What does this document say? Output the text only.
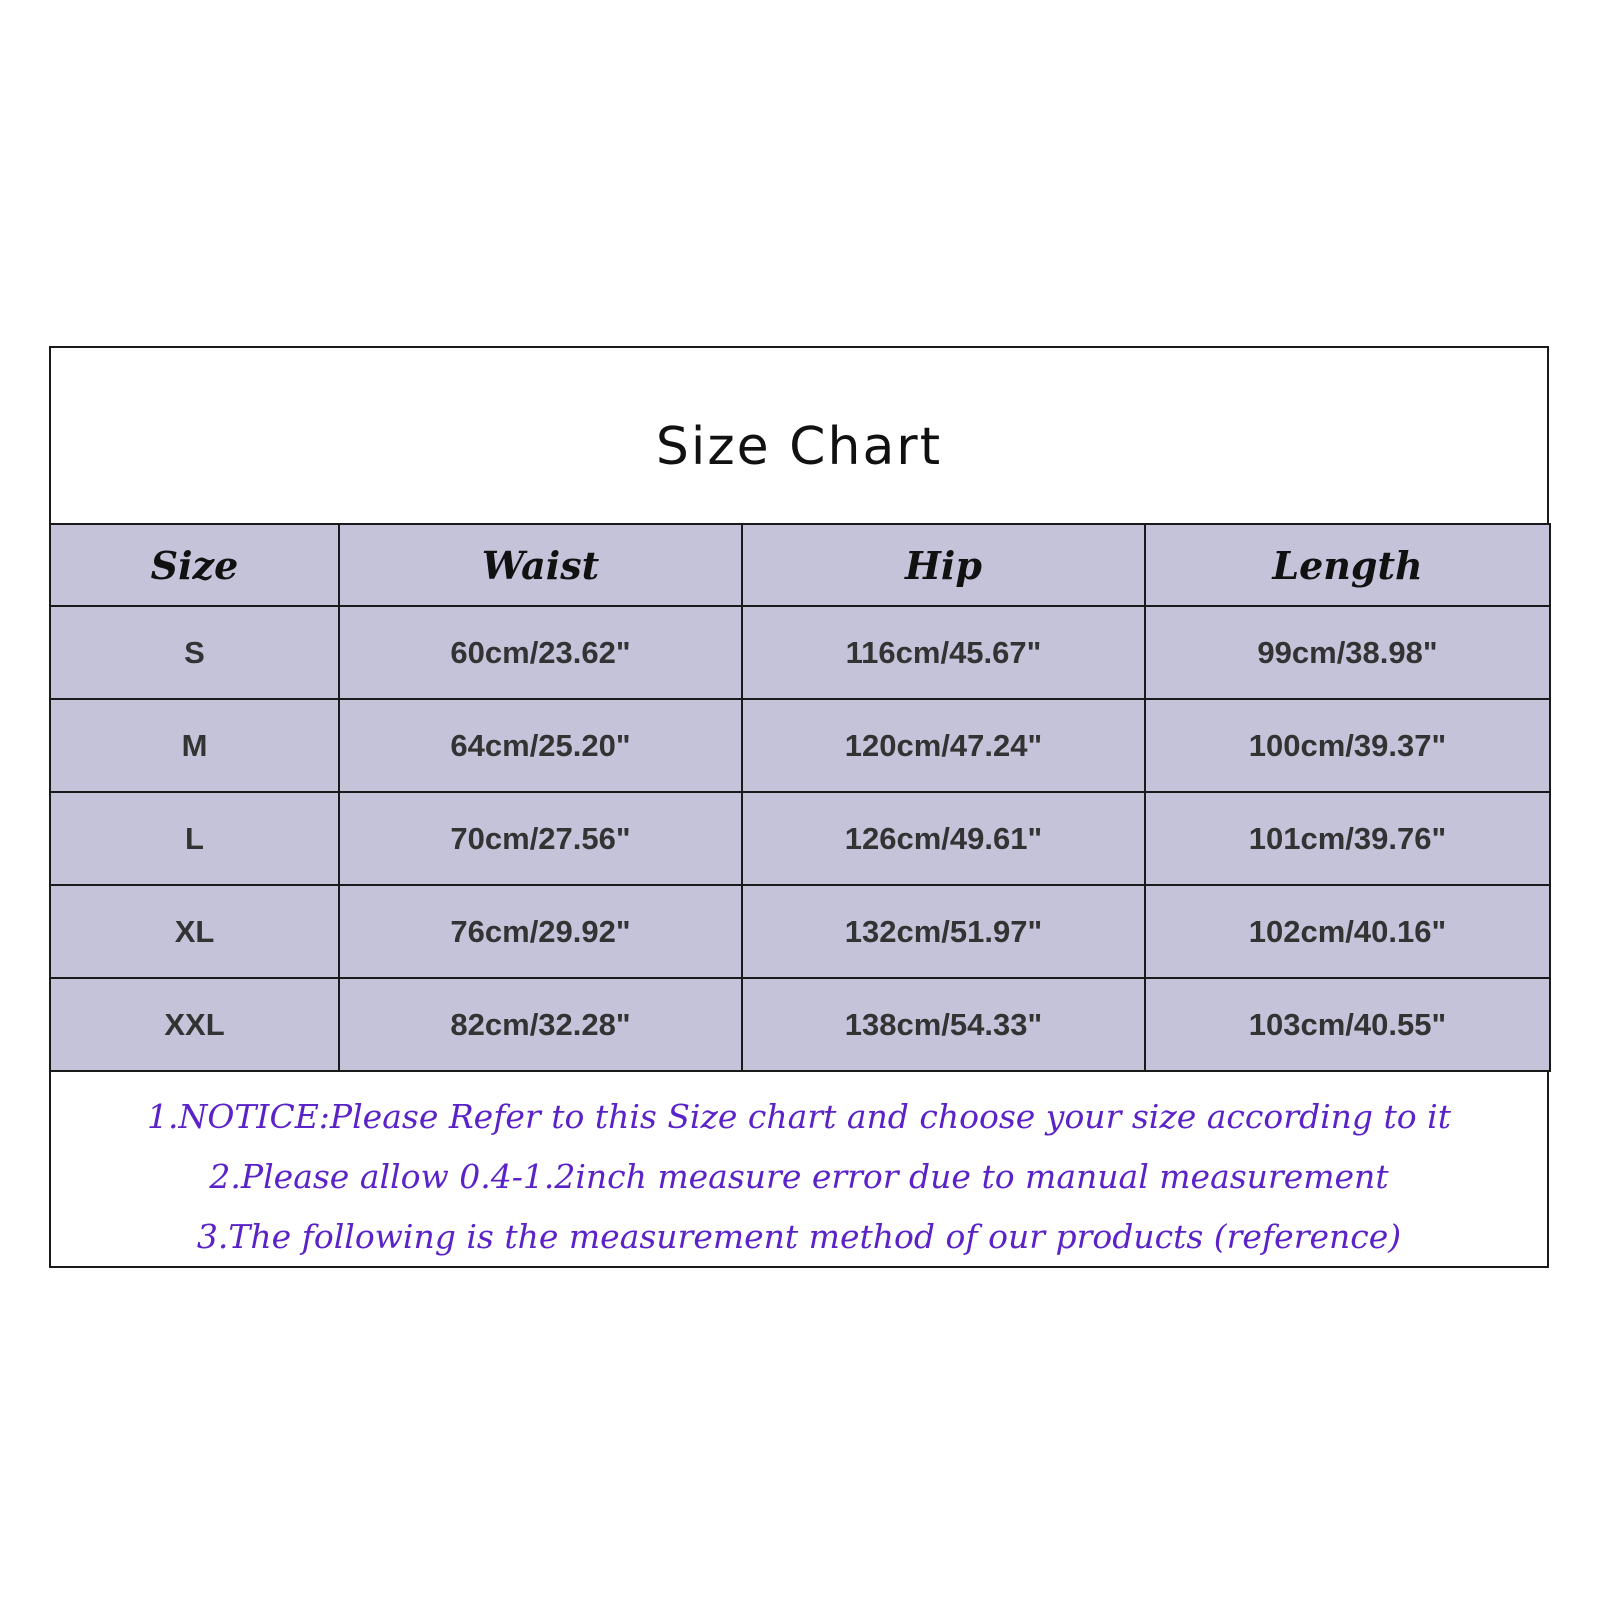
Size Chart
Size	Waist	Hip	Length
S	60cm/23.62"	116cm/45.67"	99cm/38.98"
M	64cm/25.20"	120cm/47.24"	100cm/39.37"
L	70cm/27.56"	126cm/49.61"	101cm/39.76"
XL	76cm/29.92"	132cm/51.97"	102cm/40.16"
XXL	82cm/32.28"	138cm/54.33"	103cm/40.55"
1.NOTICE:Please Refer to this Size chart and choose your size according to it
2.Please allow 0.4-1.2inch measure error due to manual measurement
3.The following is the measurement method of our products (reference)
